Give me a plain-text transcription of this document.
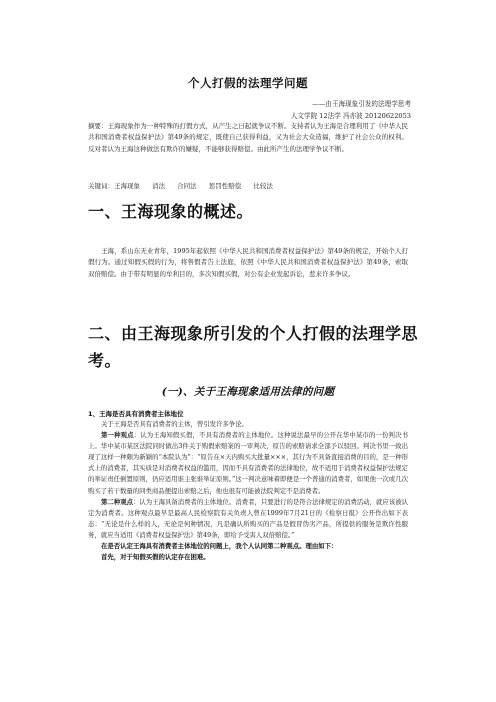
个人打假的法理学问题
——由王海现象引发的法理学思考
人文学院 12法学 冯亦波 20120622053
摘要：王海现象作为一种特殊的打假方式，从产生之日起就争议不断。支持者认为王海是合理利用了《中华人民共和国消费者权益保护法》第49条的规定，既使自己获得利益，又为社会大众造福，维护了社会公众的权利。反对者认为王海这种做法有欺诈的嫌疑，不能够获得赔偿。由此所产生的法理学争议不断。
关键词：王海现象 消法 合同法 惩罚性赔偿 比较法
一、王海现象的概述。
王海，系山东无业青年，1995年起依照《中华人民共和国消费者权益保护法》第49条的规定，开始个人打假行为。通过知假买假的行为，将售假者告上法庭，依照《中华人民共和国消费者权益保护法》第49条，索取双倍赔偿。由于带有明显的牟利目的，多次知假买假，对公有企业发起诉讼，惹来许多争议。
二、由王海现象所引发的个人打假的法理学思考。
(一)、关于王海现象适用法律的问题
1、王海是否具有消费者主体地位

关于王海是否具有消费者的主体，曾引发许多争论。

第一种观点：认为王海知假买假，不具有消费者的主体地位。这种说法最早的公开在华中某市的一份判决书上。华中某市某区法院同时做出3件关于购假索赔案的一审判决，原告的索赔请求全部予以驳回。判决书里一致出现了这样一种颇为新颖的“本院认为”：“原告在×天内购买大批量×××，其行为不具备直接消费的目的，是一种形式上的消费者，其实质是对消费者权益的滥用，因而不具有消费者的法律地位，故不适用于消费者权益保护法规定的举证责任倒置原则，仍应适用谁主张谁举证原则。”这一判决意味着即便是一个普通的消费者，如果他一次或几次购买了若干数量的同类商品便提出索赔之后，他也很有可能被法院判定不是消费者。

第二种观点：认为王海具备消费者的主体地位。消费者，只要进行的是符合法律规定的消费活动，就应该被认定为消费者。这种观点最早是最高人民检察院有关负责人曾在1999年7月21日的《检察日报》公开作出如下表态：“无论是什么样的人，无论是何种情况，凡是确认所购买的产品是假冒伪劣产品，所提供的服务是欺诈性服务，就应当适用《消费者权益保护法》第49条，即给予受害人双倍赔偿。”

在是否认定王海具有消费者主体地位的问题上，我个人认同第二种观点。理由如下：

首先，对于知假买假的认定存在困难。
